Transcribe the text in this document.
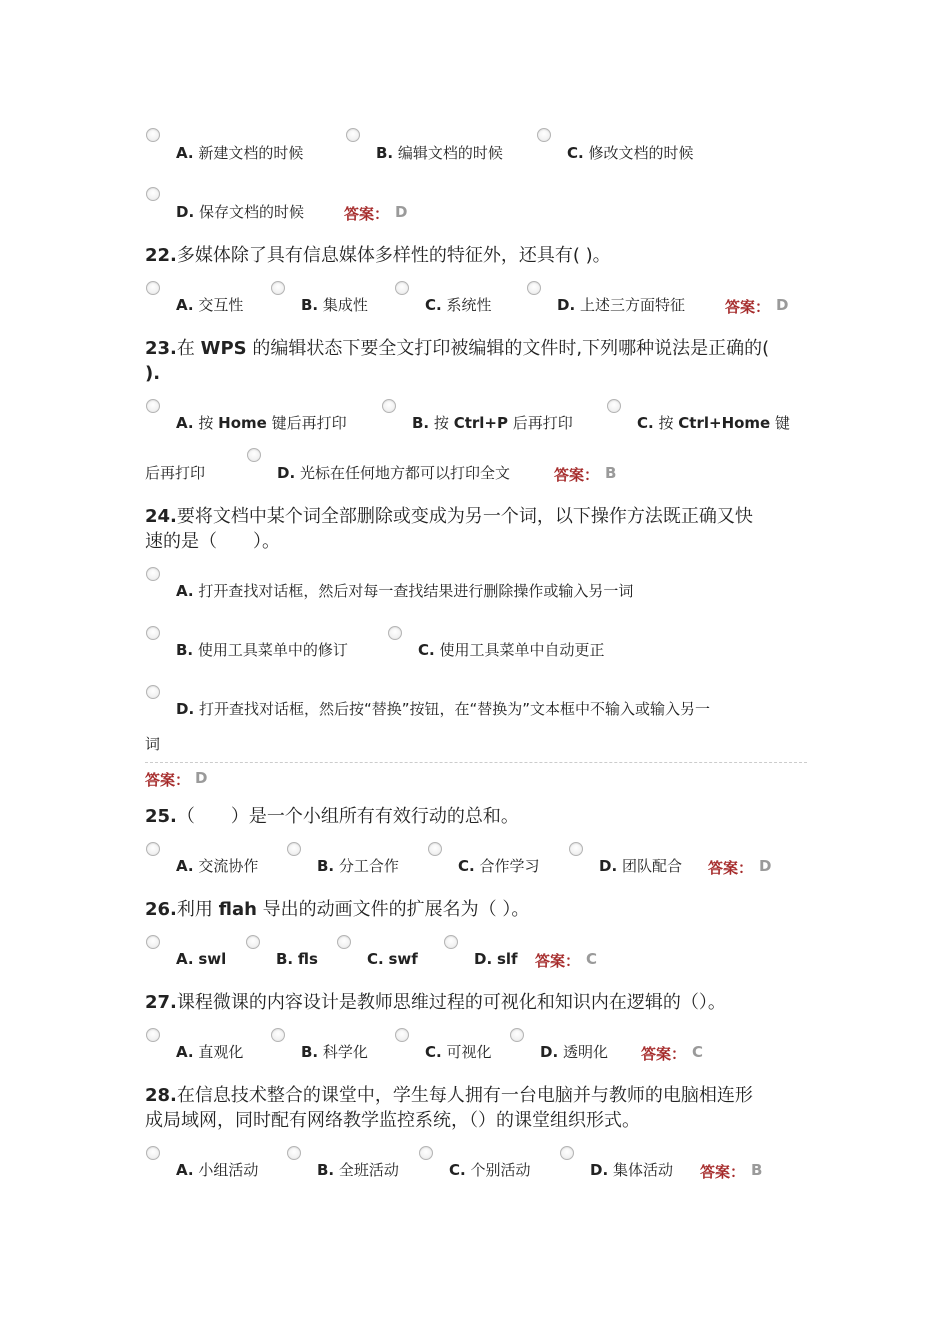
A. 新建文档的时候	B. 编辑文档的时候	C. 修改文档的时候
D. 保存文档的时候	答案： D
22.多媒体除了具有信息媒体多样性的特征外，还具有( )。
A. 交互性	B. 集成性	C. 系统性	D. 上述三方面特征	答案： D
23.在 WPS 的编辑状态下要全文打印被编辑的文件时,下列哪种说法是正确的(
).
A. 按 Home 键后再打印	B. 按 Ctrl+P 后再打印	C. 按 Ctrl+Home 键
后再打印	D. 光标在任何地方都可以打印全文	答案： B
24.要将文档中某个词全部删除或变成为另一个词，以下操作方法既正确又快
速的是（　　）。
A. 打开查找对话框，然后对每一查找结果进行删除操作或输入另一词
B. 使用工具菜单中的修订	C. 使用工具菜单中自动更正
D. 打开查找对话框，然后按“替换”按钮，在“替换为”文本框中不输入或输入另一
词
答案： D
25.（　　）是一个小组所有有效行动的总和。
A. 交流协作	B. 分工合作	C. 合作学习	D. 团队配合 答案： D
26.利用 flah 导出的动画文件的扩展名为（ ）。
A. swl	B. fls	C. swf	D. slf 答案： C
27.课程微课的内容设计是教师思维过程的可视化和知识内在逻辑的（）。
A. 直观化	B. 科学化	C. 可视化	D. 透明化 答案： C
28.在信息技术整合的课堂中，学生每人拥有一台电脑并与教师的电脑相连形
成局域网，同时配有网络教学监控系统，（）的课堂组织形式。
A. 小组活动	B. 全班活动	C. 个别活动	D. 集体活动 答案： B
